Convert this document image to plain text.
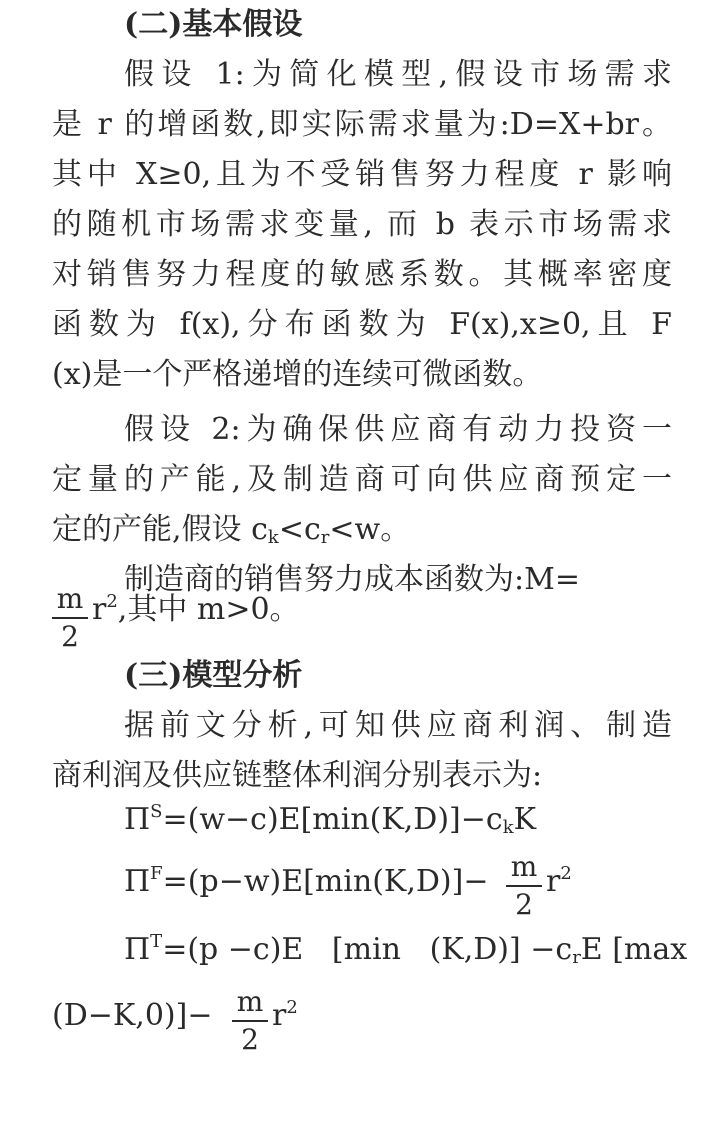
(二)基本假设
假设 1:为简化模型,假设市场需求
是 r 的增函数,即实际需求量为:D=X+br。
其中 X≥0,且为不受销售努力程度 r 影响
的随机市场需求变量, 而 b 表示市场需求
对销售努力程度的敏感系数。其概率密度
函数为 f(x),分布函数为 F(x),x≥0,且 F
(x)是一个严格递增的连续可微函数。
假设 2:为确保供应商有动力投资一
定量的产能,及制造商可向供应商预定一
定的产能,假设 $c_k<c_r<w$。
制造商的销售努力成本函数为:M=
m
2
$r^2$,其中 m>0。
(三)模型分析
据前文分析,可知供应商利润、制造
商利润及供应链整体利润分别表示为:
$\Pi^S=(w-c)E[\min(K,D)]-c_kK$
$\Pi^F=(p-w)E[\min(K,D)]- m$
2
$r^2$
$\Pi^T=(p -c)E$   [min   $(K,D)] -c_rE$ [max
(D−K,0)]− m
2
$r^2$
